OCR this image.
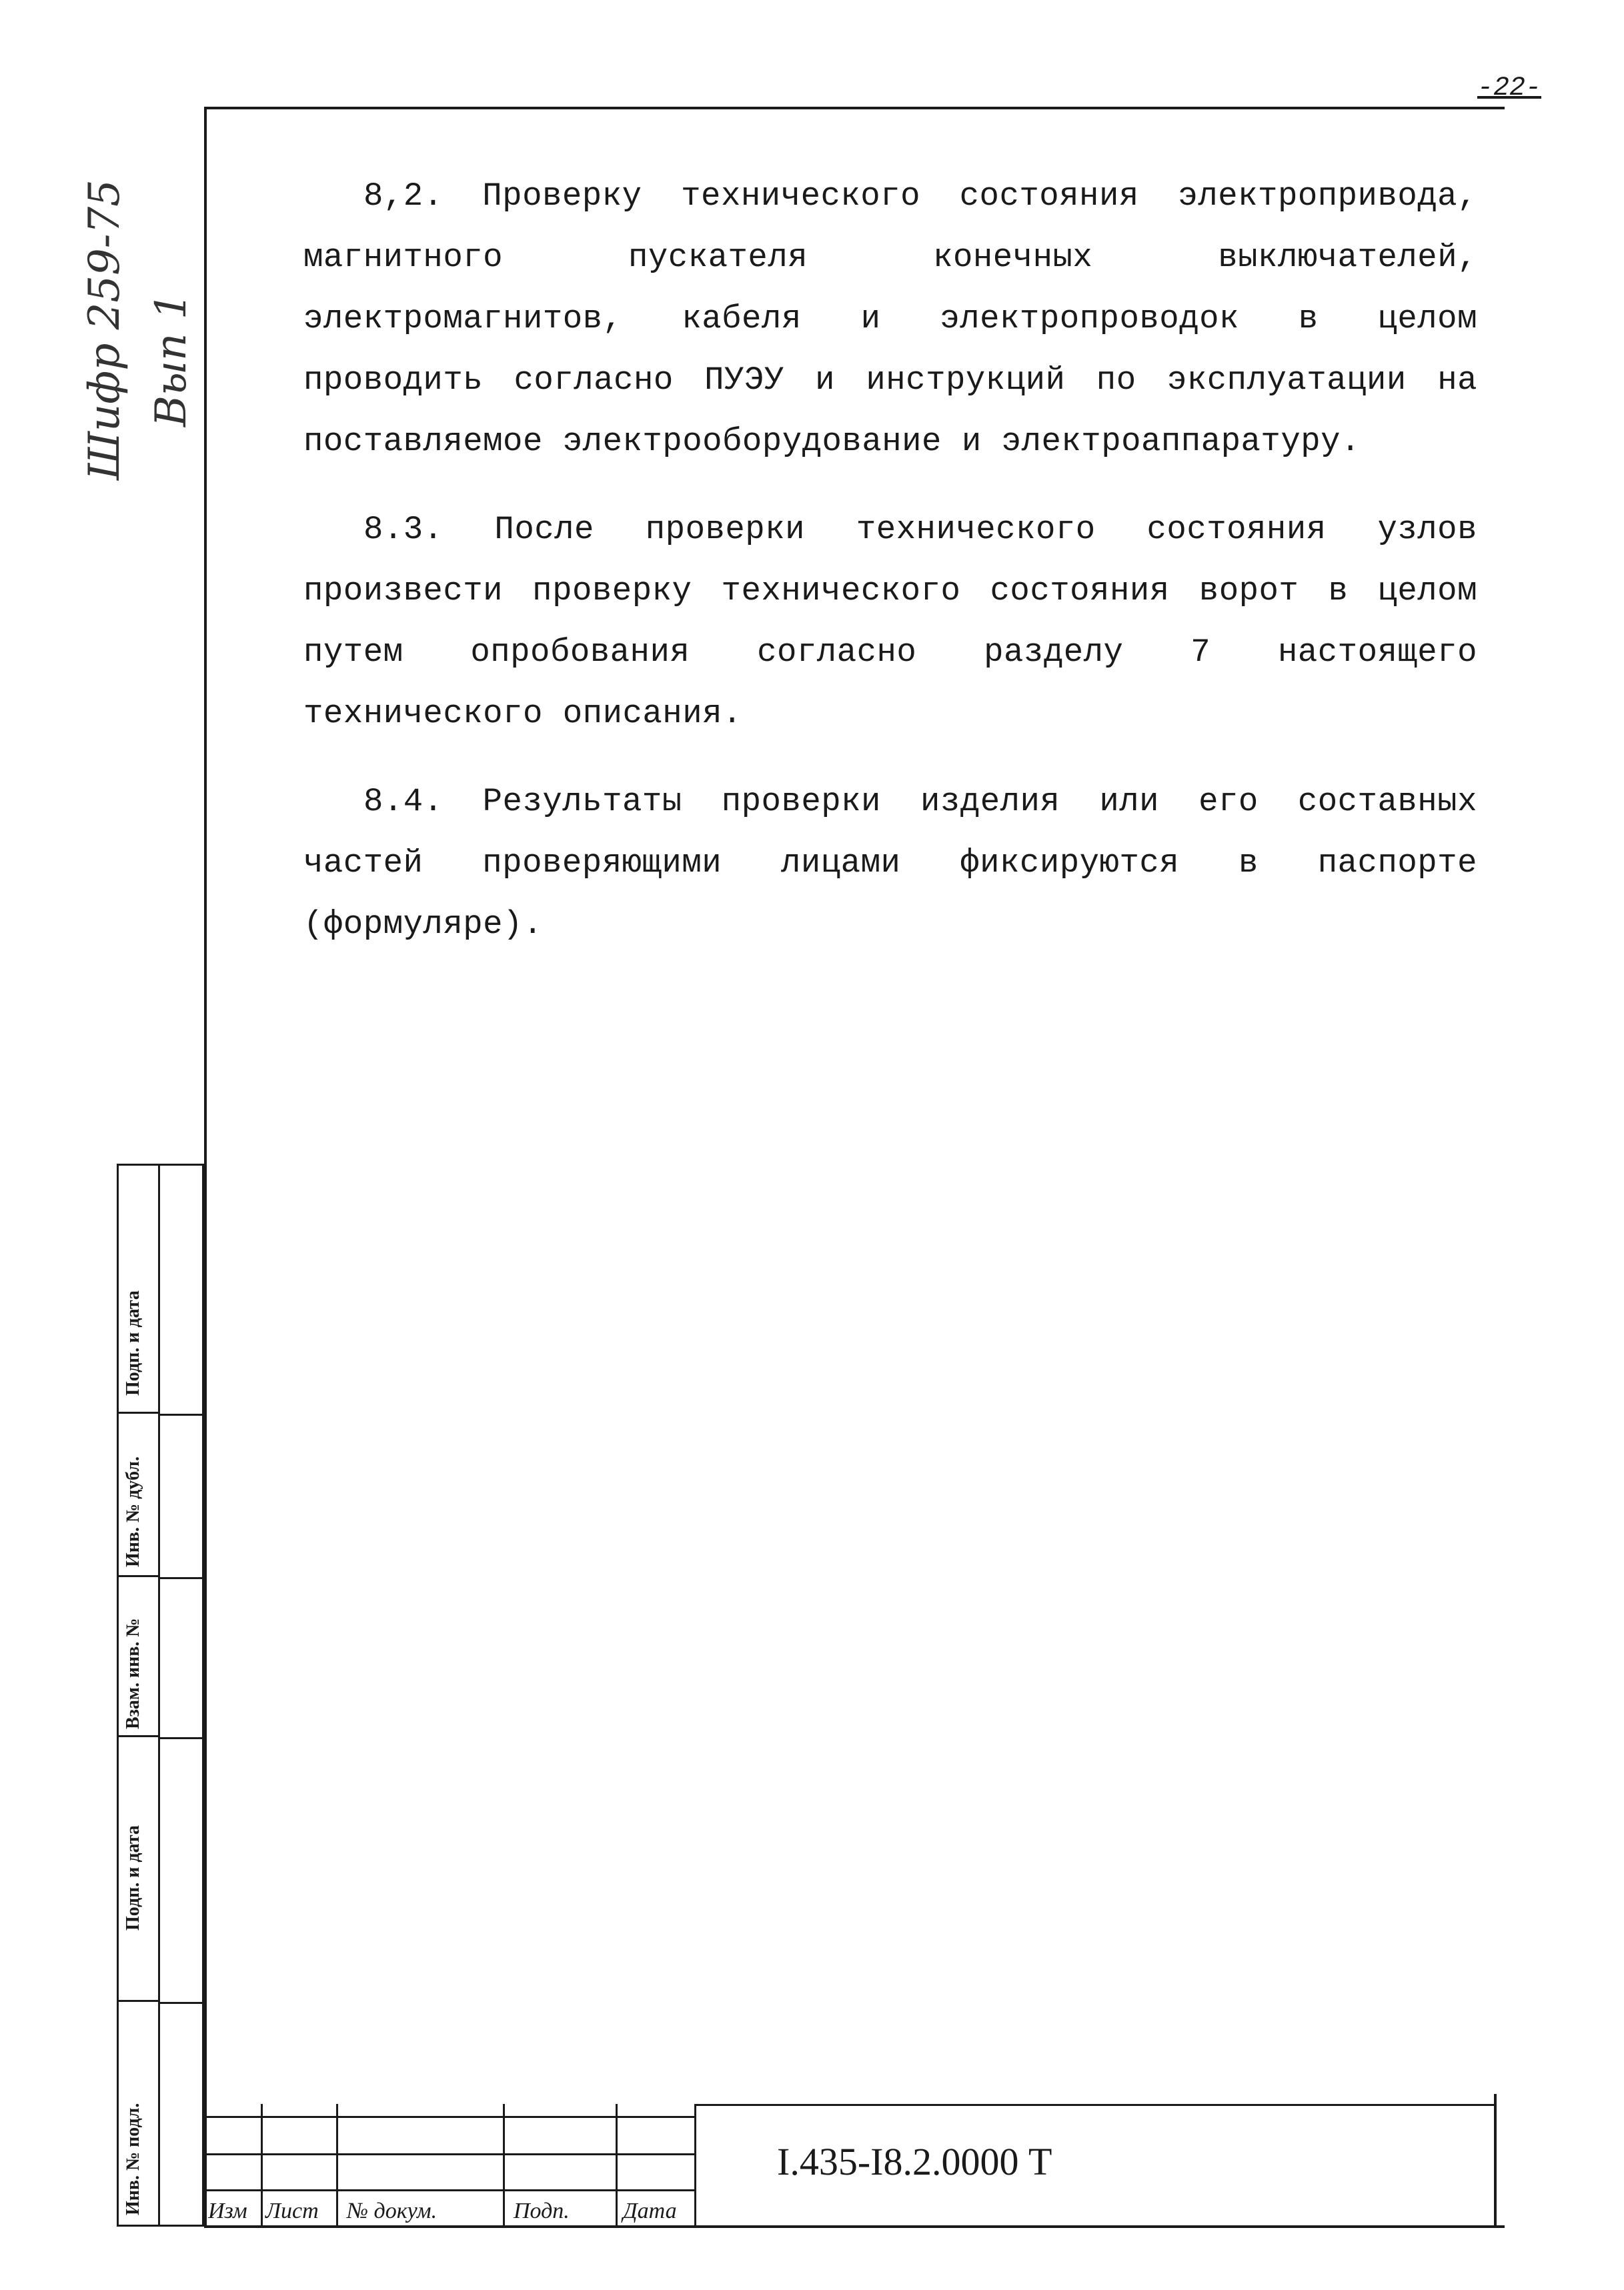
-22-
Шифр 259-75 Вып 1

8,2. Проверку технического состояния электропривода, магнитного пускателя конечных выключателей, электромагнитов, кабеля и электропроводок в целом проводить согласно ПУЭУ и инструкций по эксплуатации на поставляемое электрооборудование и электроаппаратуру.

8.3. После проверки технического состояния узлов произвести проверку технического состояния ворот в целом путем опробования согласно разделу 7 настоящего технического описания.

8.4. Результаты проверки изделия или его составных частей проверяющими лицами фиксируются в паспорте (формуляре).

Подп. и дата
Инв. № дубл.
Взам. инв. №
Подп. и дата
Инв. № подл.	Изм Лист № докум.	Подп. Дата
I.435-I8.2.0000 Т
